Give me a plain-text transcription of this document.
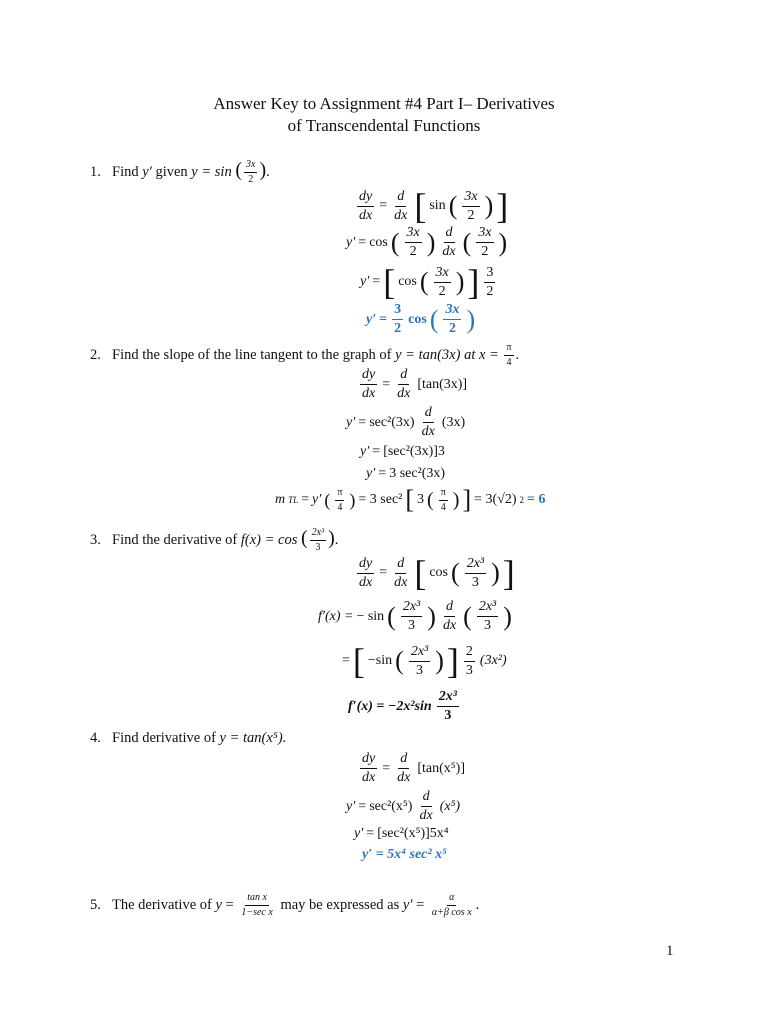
Answer Key to Assignment #4 Part I– Derivatives
of Transcendental Functions
1. Find y′ given y = sin ( $\frac{3x}{2}$ ).
$\frac{dy}{dx} = \frac{d}{dx}$ [ sin ( $\frac{3x}{2}$ ) ]
y′ = cos ( $\frac{3x}{2}$ ) $\frac{d}{dx}$ ( $\frac{3x}{2}$ )
y′ = [ cos ( $\frac{3x}{2}$ ) ] $\frac{3}{2}$
$y' = \frac{3}{2}$ cos ( $\frac{3x}{2}$ )
2. Find the slope of the line tangent to the graph of y = tan(3x) at $x = \frac{\pi}{4}$ .
$\frac{dy}{dx} = \frac{d}{dx} [\tan(3x)]$
$y' = \sec^2(3x) \frac{d}{dx} (3x)$
y′ = [sec²(3x)]3
y′ = 3 sec²(3x)
m TL = y′ ( $\frac{\pi}{4}$ ) = 3 sec² [ 3 ( $\frac{\pi}{4}$ ) ] = 3(√2) 2 = 6
3. Find the derivative of f(x) = cos ( $\frac{\text{2x³}}{3}$ ).
$\frac{dy}{dx} = \frac{d}{dx}$ [ cos ( $\frac{\text{2x³}}{3}$ ) ]
f′(x) = − sin ( $\frac{\text{2x³}}{3}$ ) $\frac{d}{dx}$ ( $\frac{\text{2x³}}{3}$ )
= [ −sin ( $\frac{\text{2x³}}{3}$ ) ] $\frac{2}{3} (3x^2)$
$f'(x) = -2x^2\sin \frac{\text{2x³}}{3}$
4. Find derivative of y = tan(x⁵).
$\frac{dy}{dx} = \frac{d}{dx} [\tan(x^5)]$
$y' = \sec^2(x^5) \frac{d}{dx} (x^5)$
y′ = [sec²(x⁵)]5x⁴
y′ = 5x⁴ sec² x⁵
5. The derivative of $y = \frac{\text{tan x}}{\text{1−sec x}}$ may be expressed as $y' = \frac{\alpha}{\text{α+β cos x}}$ .
1
